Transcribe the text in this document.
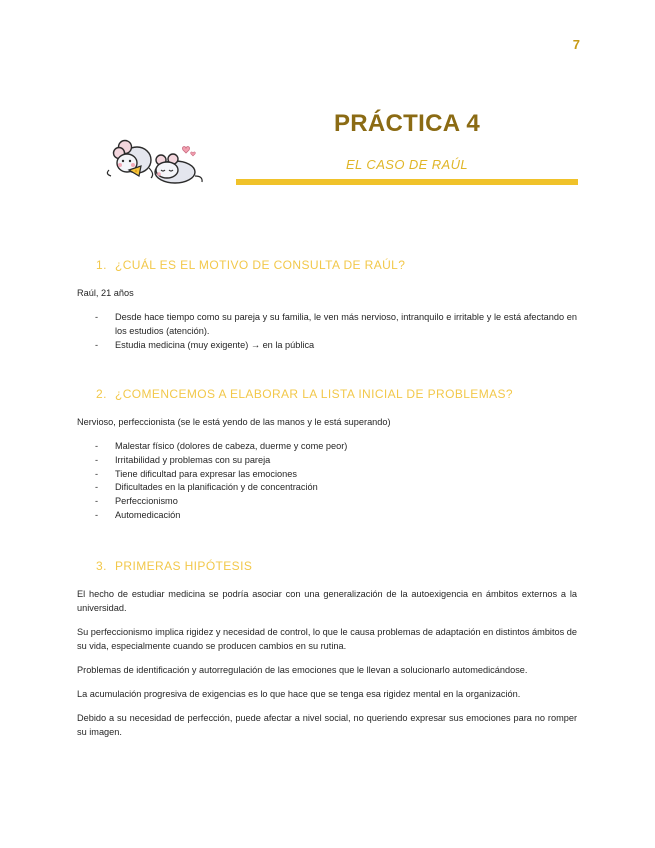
7
PRÁCTICA 4
EL CASO DE RAÚL
1. ¿CUÁL ES EL MOTIVO DE CONSULTA DE RAÚL?
Raúl, 21 años
- Desde hace tiempo como su pareja y su familia, le ven más nervioso, intranquilo e irritable y le está afectando en los estudios (atención).
- Estudia medicina (muy exigente) → en la pública
2. ¿COMENCEMOS A ELABORAR LA LISTA INICIAL DE PROBLEMAS?
Nervioso, perfeccionista (se le está yendo de las manos y le está superando)
- Malestar físico (dolores de cabeza, duerme y come peor)
- Irritabilidad y problemas con su pareja
- Tiene dificultad para expresar las emociones
- Dificultades en la planificación y de concentración
- Perfeccionismo
- Automedicación
3. PRIMERAS HIPÓTESIS
El hecho de estudiar medicina se podría asociar con una generalización de la autoexigencia en ámbitos externos a la universidad.
Su perfeccionismo implica rigidez y necesidad de control, lo que le causa problemas de adaptación en distintos ámbitos de su vida, especialmente cuando se producen cambios en su rutina.
Problemas de identificación y autorregulación de las emociones que le llevan a solucionarlo automedicándose.
La acumulación progresiva de exigencias es lo que hace que se tenga esa rigidez mental en la organización.
Debido a su necesidad de perfección, puede afectar a nivel social, no queriendo expresar sus emociones para no romper su imagen.
